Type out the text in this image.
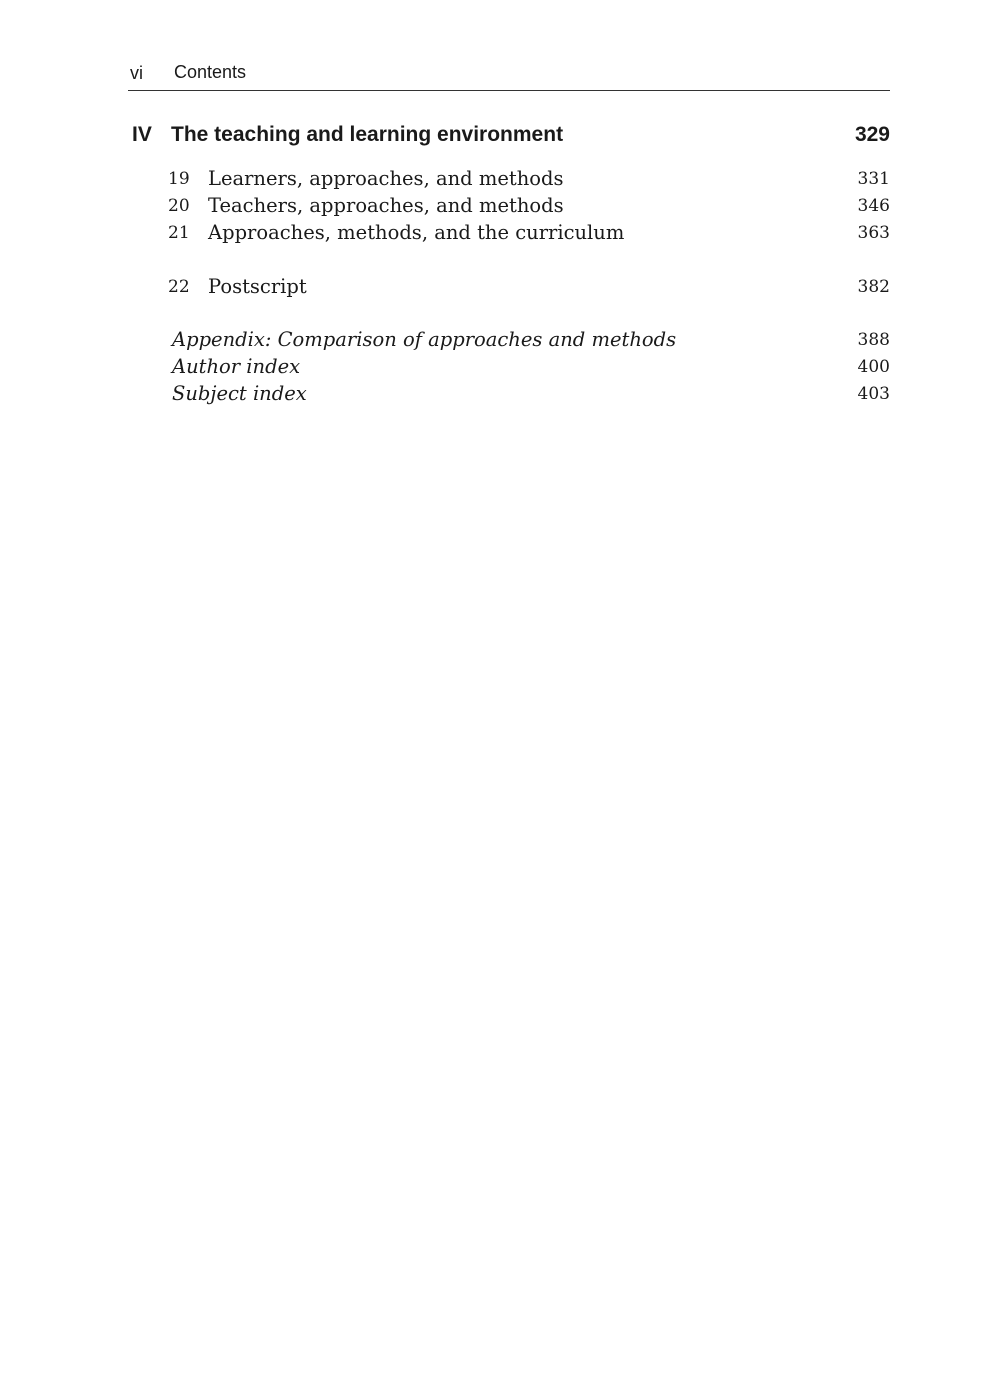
vi Contents
IV The teaching and learning environment	329
19 Learners, approaches, and methods	331
20 Teachers, approaches, and methods	346
21 Approaches, methods, and the curriculum	363
22 Postscript	382
Appendix: Comparison of approaches and methods	388
Author index	400
Subject index	403
